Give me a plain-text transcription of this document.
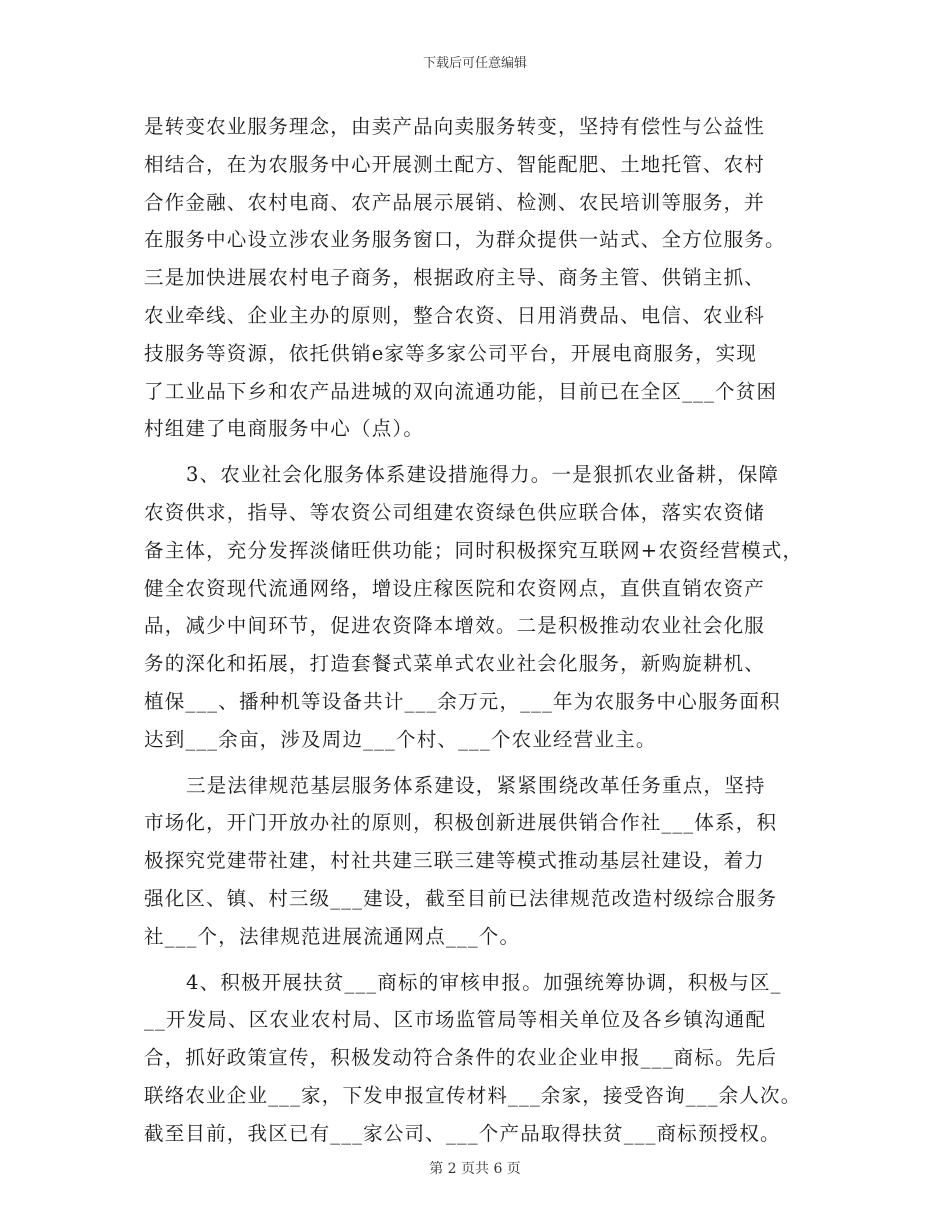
下载后可任意编辑
是转变农业服务理念，由卖产品向卖服务转变，坚持有偿性与公益性
相结合，在为农服务中心开展测土配方、智能配肥、土地托管、农村
合作金融、农村电商、农产品展示展销、检测、农民培训等服务，并
在服务中心设立涉农业务服务窗口，为群众提供一站式、全方位服务。
三是加快进展农村电子商务，根据政府主导、商务主管、供销主抓、
农业牵线、企业主办的原则，整合农资、日用消费品、电信、农业科
技服务等资源，依托供销e家等多家公司平台，开展电商服务，实现
了工业品下乡和农产品进城的双向流通功能，目前已在全区___个贫困
村组建了电商服务中心（点）。
3、农业社会化服务体系建设措施得力。一是狠抓农业备耕，保障
农资供求，指导、等农资公司组建农资绿色供应联合体，落实农资储
备主体，充分发挥淡储旺供功能；同时积极探究互联网+农资经营模式，
健全农资现代流通网络，增设庄稼医院和农资网点，直供直销农资产
品，减少中间环节，促进农资降本增效。二是积极推动农业社会化服
务的深化和拓展，打造套餐式菜单式农业社会化服务，新购旋耕机、
植保___、播种机等设备共计___余万元，___年为农服务中心服务面积
达到___余亩，涉及周边___个村、___个农业经营业主。
三是法律规范基层服务体系建设，紧紧围绕改革任务重点，坚持
市场化，开门开放办社的原则，积极创新进展供销合作社___体系，积
极探究党建带社建，村社共建三联三建等模式推动基层社建设，着力
强化区、镇、村三级___建设，截至目前已法律规范改造村级综合服务
社___个，法律规范进展流通网点___个。
4、积极开展扶贫___商标的审核申报。加强统筹协调，积极与区_
__开发局、区农业农村局、区市场监管局等相关单位及各乡镇沟通配
合，抓好政策宣传，积极发动符合条件的农业企业申报___商标。先后
联络农业企业___家，下发申报宣传材料___余家，接受咨询___余人次。
截至目前，我区已有___家公司、___个产品取得扶贫___商标预授权。
第 2 页共 6 页
